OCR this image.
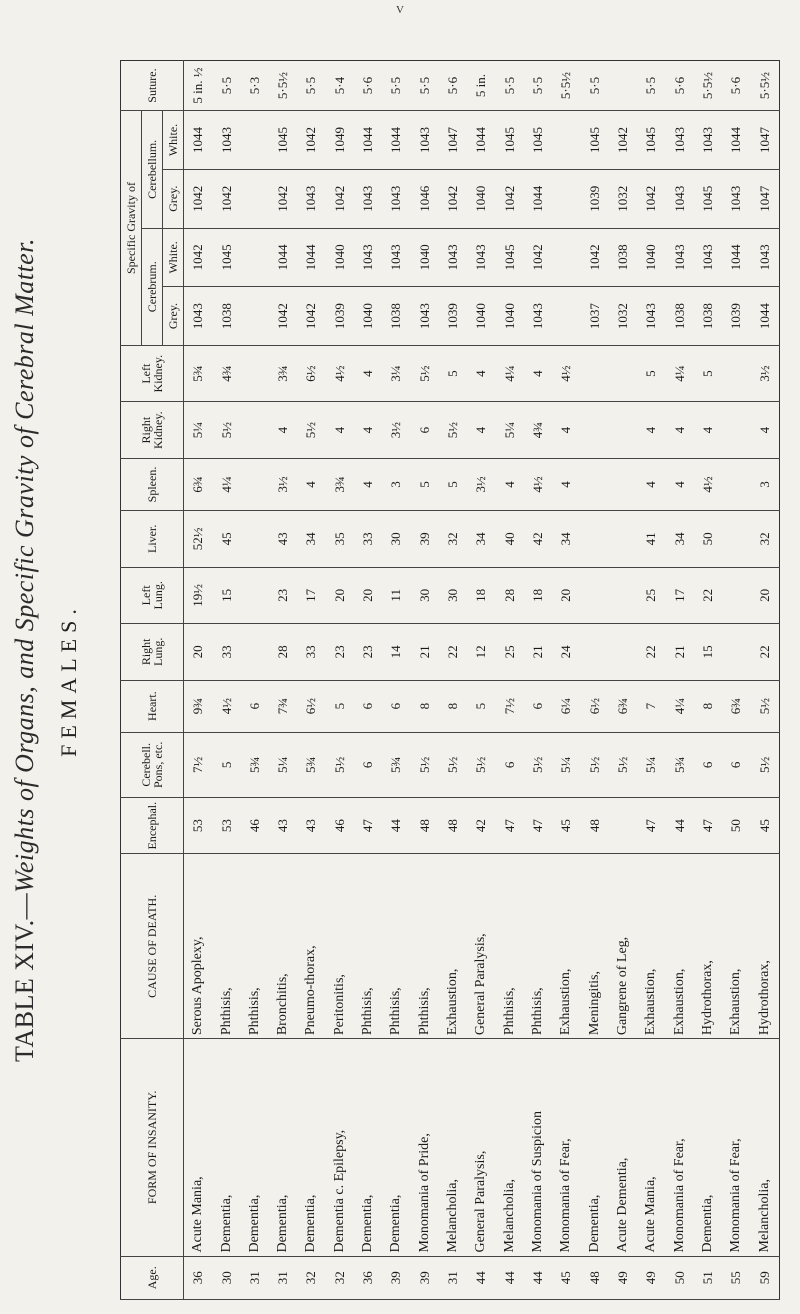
V
TABLE XIV.—Weights of Organs, and Specific Gravity of Cerebral Matter. FEMALES.
Age.	FORM OF INSANITY.	CAUSE OF DEATH.	Encephal.	Cerebell. Pons, etc.	Heart.	Right Lung.	Left Lung.	Liver.	Spleen.	Right Kidney.	Left Kidney.	Specific Gravity of				Suture.
												Cerebrum.		Cerebellum.		
												Grey.	White.	Grey.	White.	
36	Acute Mania,	Serous Apoplexy,	53	7½	9¾	20	19½	52½	6¾	5¼	5¾	1043	1042	1042	1044	5 in. ½
30	Dementia,	Phthisis,	53	5	4½	33	15	45	4¼	5½	4¾	1038	1045	1042	1043	5·5
31	Dementia,	Phthisis,	46	5¾	6											5·3
31	Dementia,	Bronchitis,	43	5¼	7¾	28	23	43	3½	4	3¾	1042	1044	1042	1045	5·5½
32	Dementia,	Pneumo-thorax,	43	5¾	6½	33	17	34	4	5½	6½	1042	1044	1043	1042	5·5
32	Dementia c. Epilepsy,	Peritonitis,	46	5½	5	23	20	35	3¾	4	4½	1039	1040	1042	1049	5·4
36	Dementia,	Phthisis,	47	6	6	23	20	33	4	4	4	1040	1043	1043	1044	5·6
39	Dementia,	Phthisis,	44	5¾	6	14	11	30	3	3½	3¼	1038	1043	1043	1044	5·5
39	Monomania of Pride,	Phthisis,	48	5½	8	21	30	39	5	6	5½	1043	1040	1046	1043	5·5
31	Melancholia,	Exhaustion,	48	5½	8	22	30	32	5	5½	5	1039	1043	1042	1047	5·6
44	General Paralysis,	General Paralysis,	42	5½	5	12	18	34	3½	4	4	1040	1043	1040	1044	5 in.
44	Melancholia,	Phthisis,	47	6	7½	25	28	40	4	5¼	4¼	1040	1045	1042	1045	5·5
44	Monomania of Suspicion	Phthisis,	47	5½	6	21	18	42	4½	4¾	4	1043	1042	1044	1045	5·5
45	Monomania of Fear,	Exhaustion,	45	5¼	6¼	24	20	34	4	4	4½					5·5½
48	Dementia,	Meningitis,	48	5½	6½							1037	1042	1039	1045	5·5
49	Acute Dementia,	Gangrene of Leg,		5½	6¾							1032	1038	1032	1042	
49	Acute Mania,	Exhaustion,	47	5¼	7	22	25	41	4	4	5	1043	1040	1042	1045	5·5
50	Monomania of Fear,	Exhaustion,	44	5¾	4¼	21	17	34	4	4	4¼	1038	1043	1043	1043	5·6
51	Dementia,	Hydrothorax,	47	6	8	15	22	50	4½	4	5	1038	1043	1045	1043	5·5½
55	Monomania of Fear,	Exhaustion,	50	6	6¾							1039	1044	1043	1044	5·6
59	Melancholia,	Hydrothorax,	45	5½	5½	22	20	32	3	4	3½	1044	1043	1047	1047	5·5½
